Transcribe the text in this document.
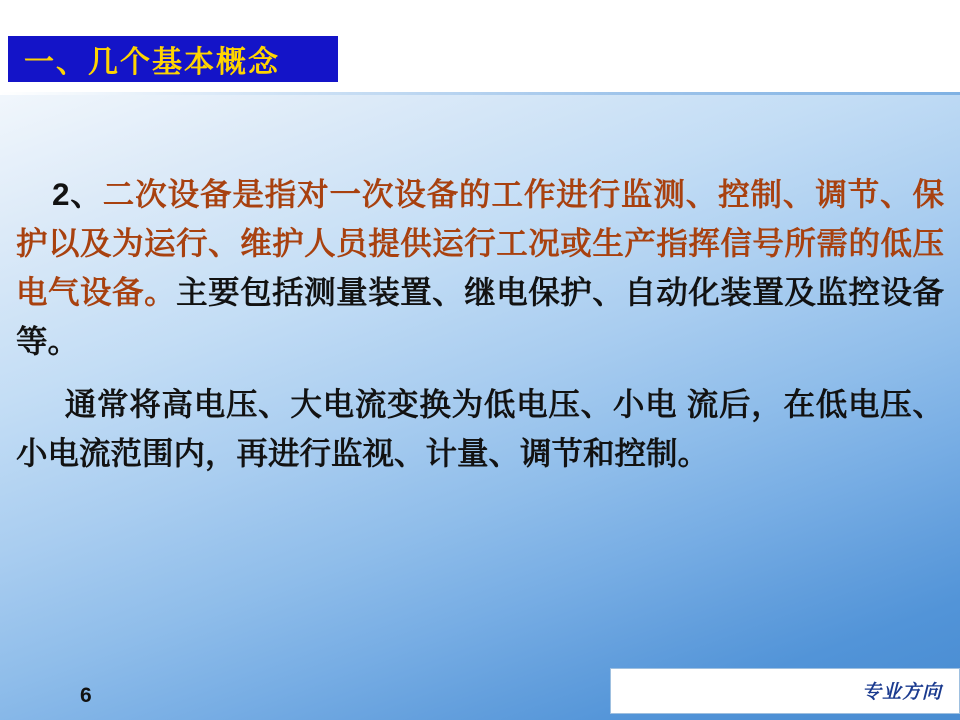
一、几个基本概念

2、二次设备是指对一次设备的工作进行监测、控制、调节、保护以及为运行、维护人员提供运行工况或生产指挥信号所需的低压电气设备。主要包括测量装置、继电保护、自动化装置及监控设备等。

通常将高电压、大电流变换为低电压、小电 流后，在低电压、小电流范围内，再进行监视、计量、调节和控制。

6	专业方向
